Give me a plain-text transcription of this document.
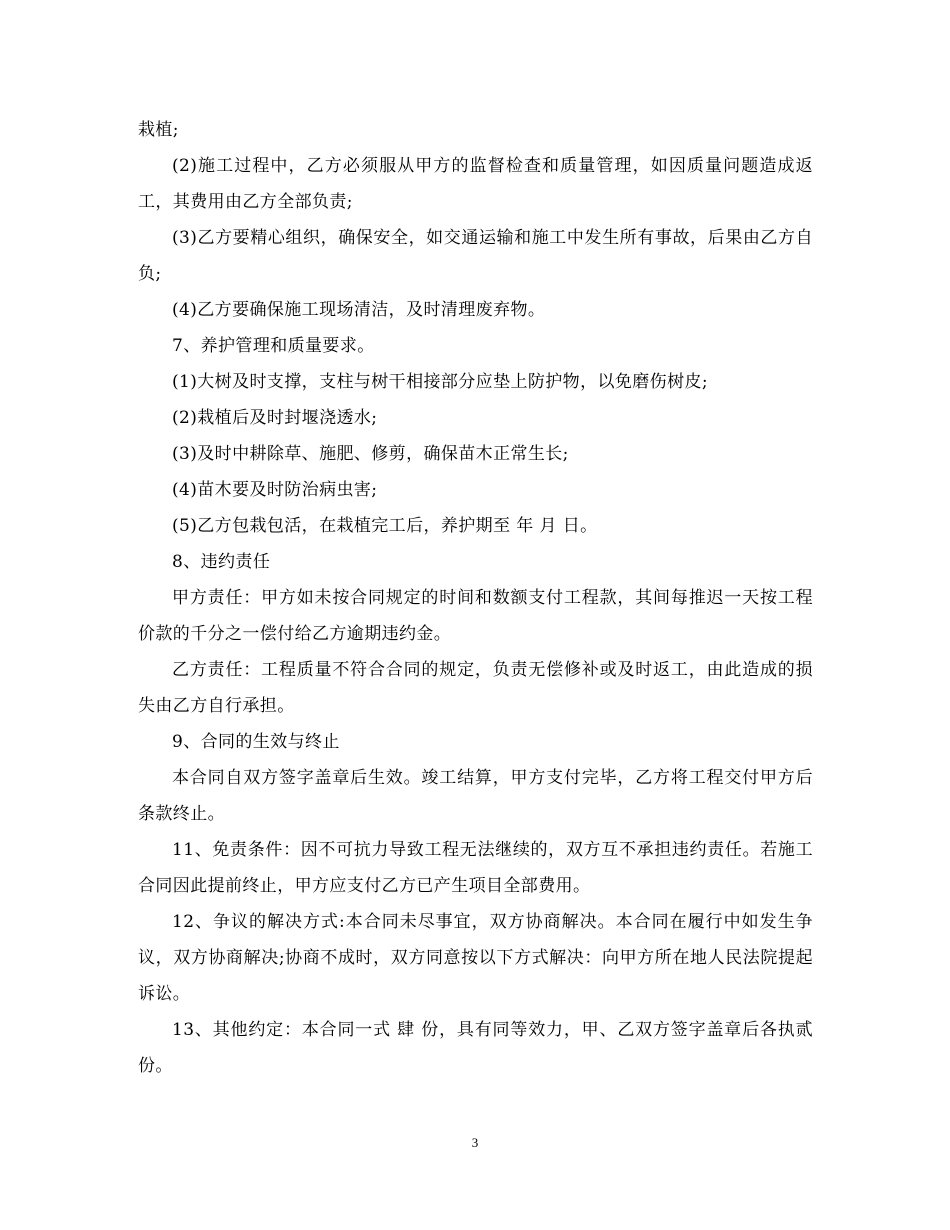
栽植;

(2)施工过程中，乙方必须服从甲方的监督检查和质量管理，如因质量问题造成返工，其费用由乙方全部负责;

(3)乙方要精心组织，确保安全，如交通运输和施工中发生所有事故，后果由乙方自负;

(4)乙方要确保施工现场清洁，及时清理废弃物。

7、养护管理和质量要求。

(1)大树及时支撑，支柱与树干相接部分应垫上防护物，以免磨伤树皮;

(2)栽植后及时封堰浇透水;

(3)及时中耕除草、施肥、修剪，确保苗木正常生长;

(4)苗木要及时防治病虫害;

(5)乙方包栽包活，在栽植完工后，养护期至 年 月 日。

8、违约责任

甲方责任：甲方如未按合同规定的时间和数额支付工程款，其间每推迟一天按工程价款的千分之一偿付给乙方逾期违约金。

乙方责任：工程质量不符合合同的规定，负责无偿修补或及时返工，由此造成的损失由乙方自行承担。

9、合同的生效与终止

本合同自双方签字盖章后生效。竣工结算，甲方支付完毕，乙方将工程交付甲方后条款终止。

11、免责条件：因不可抗力导致工程无法继续的，双方互不承担违约责任。若施工合同因此提前终止，甲方应支付乙方已产生项目全部费用。

12、争议的解决方式:本合同未尽事宜，双方协商解决。本合同在履行中如发生争议，双方协商解决;协商不成时，双方同意按以下方式解决：向甲方所在地人民法院提起诉讼。

13、其他约定：本合同一式 肆 份，具有同等效力，甲、乙双方签字盖章后各执贰份。

3
